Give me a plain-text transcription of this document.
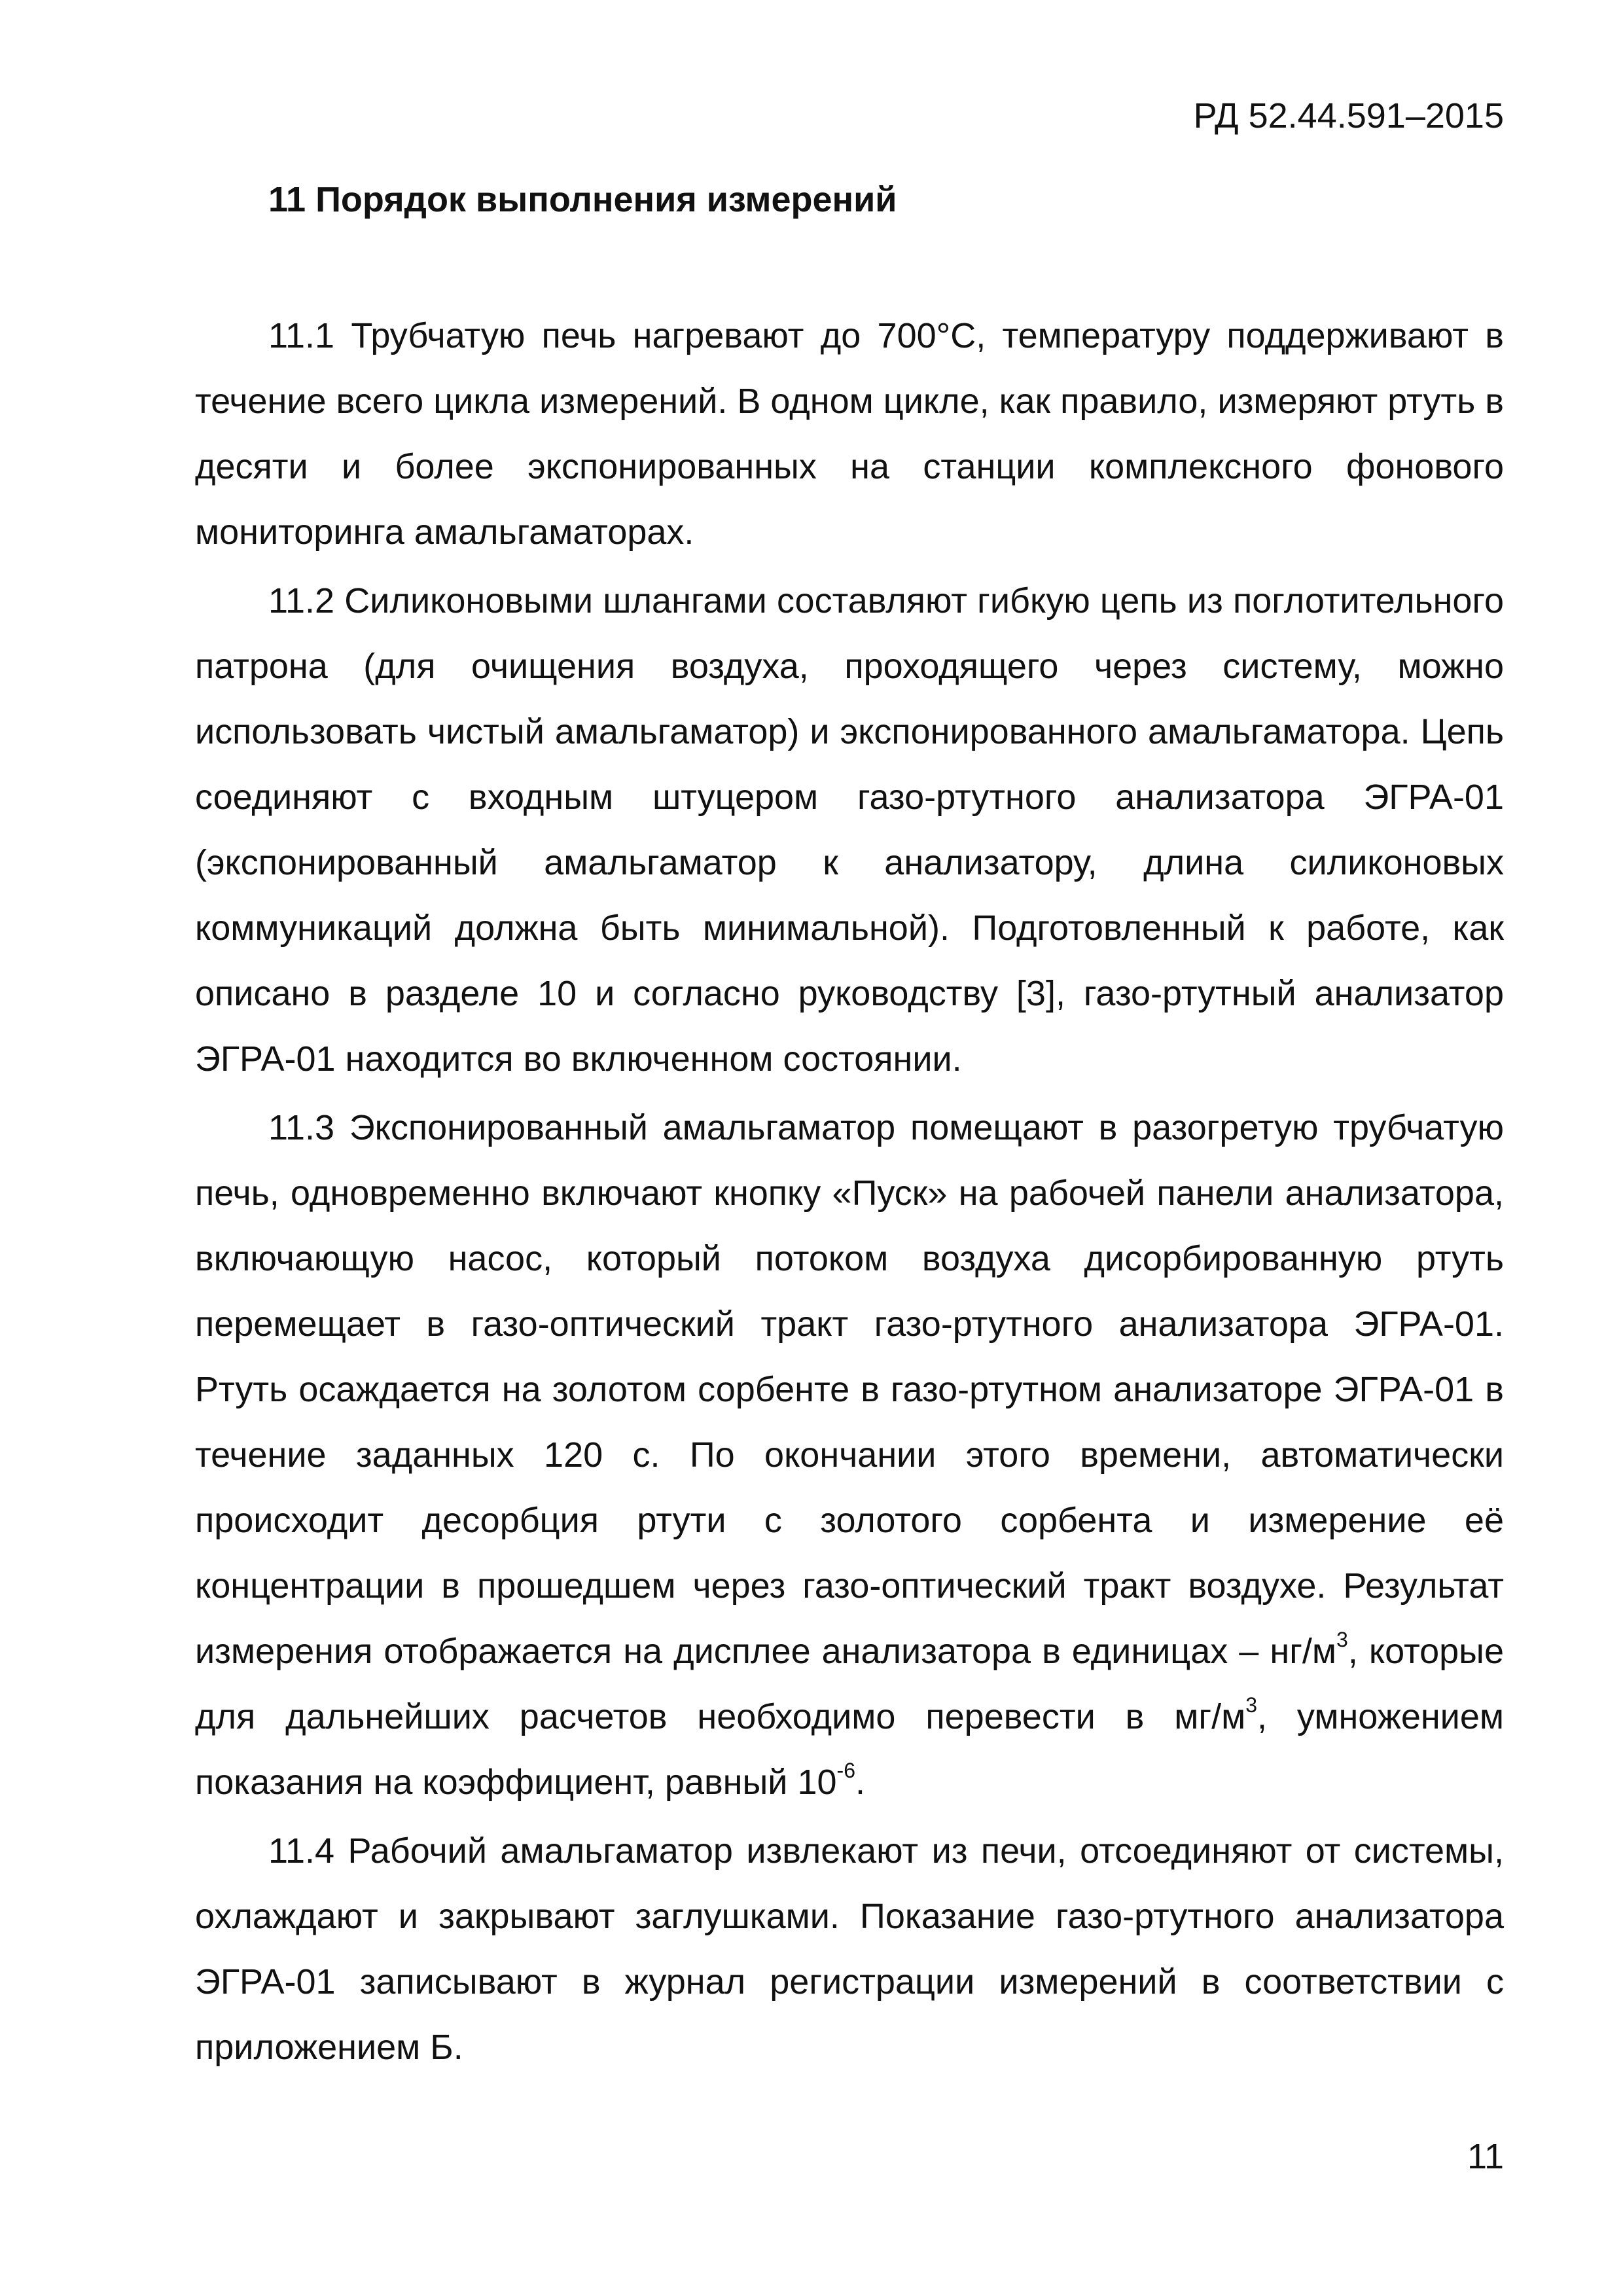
РД 52.44.591–2015
11 Порядок выполнения измерений

11.1 Трубчатую печь нагревают до 700°С, температуру поддерживают в течение всего цикла измерений. В одном цикле, как правило, измеряют ртуть в десяти и более экспонированных на станции комплексного фонового мониторинга амальгаматорах.

11.2 Силиконовыми шлангами составляют гибкую цепь из поглотительного патрона (для очищения воздуха, проходящего через систему, можно использовать чистый амальгаматор) и экспонированного амальгаматора. Цепь соединяют с входным штуцером газо-ртутного анализатора ЭГРА-01 (экспонированный амальгаматор к анализатору, длина силиконовых коммуникаций должна быть минимальной). Подготовленный к работе, как описано в разделе 10 и согласно руководству [3], газо-ртутный анализатор ЭГРА-01 находится во включенном состоянии.

11.3 Экспонированный амальгаматор помещают в разогретую трубчатую печь, одновременно включают кнопку «Пуск» на рабочей панели анализатора, включающую насос, который потоком воздуха дисорбированную ртуть перемещает в газо-оптический тракт газо-ртутного анализатора ЭГРА-01. Ртуть осаждается на золотом сорбенте в газо-ртутном анализаторе ЭГРА-01 в течение заданных 120 с. По окончании этого времени, автоматически происходит десорбция ртути с золотого сорбента и измерение её концентрации в прошедшем через газо-оптический тракт воздухе. Результат измерения отображается на дисплее анализатора в единицах – $нг/м^3$, которые для дальнейших расчетов необходимо перевести в $мг/м^3$, умножением показания на коэффициент, равный $10^{-6}$.

11.4 Рабочий амальгаматор извлекают из печи, отсоединяют от системы, охлаждают и закрывают заглушками. Показание газо-ртутного анализатора ЭГРА-01 записывают в журнал регистрации измерений в соответствии с приложением Б.

11
